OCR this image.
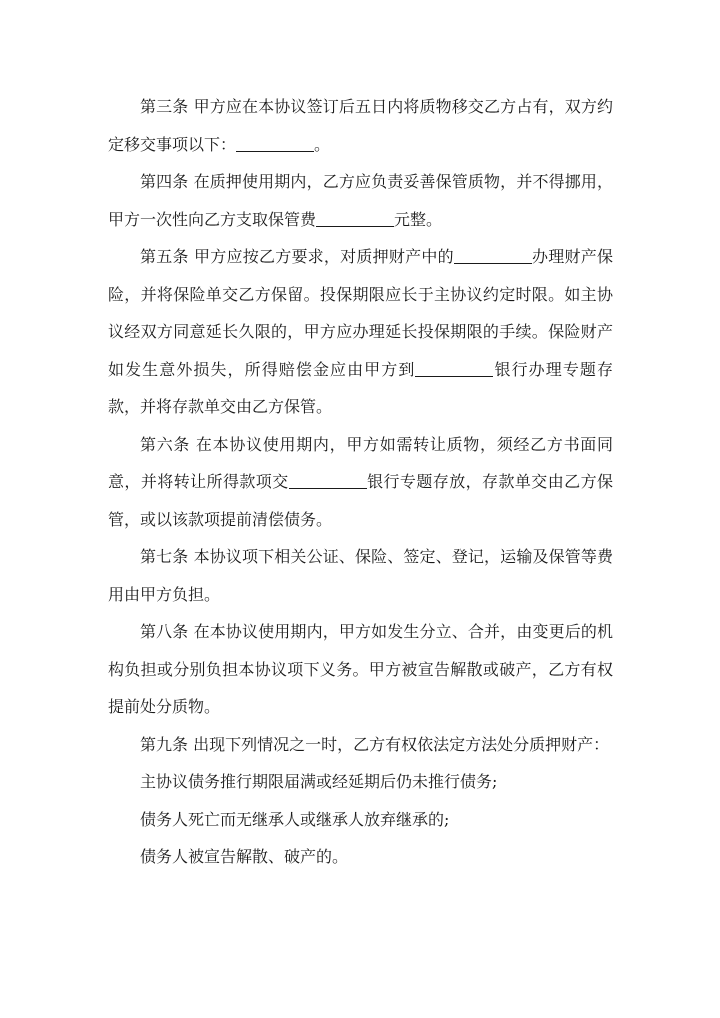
第三条 甲方应在本协议签订后五日内将质物移交乙方占有，双方约定移交事项以下：	。

第四条 在质押使用期内，乙方应负责妥善保管质物，并不得挪用，甲方一次性向乙方支取保管费	元整。

第五条 甲方应按乙方要求，对质押财产中的	办理财产保险，并将保险单交乙方保留。投保期限应长于主协议约定时限。如主协议经双方同意延长久限的，甲方应办理延长投保期限的手续。保险财产如发生意外损失，所得赔偿金应由甲方到	银行办理专题存款，并将存款单交由乙方保管。

第六条 在本协议使用期内，甲方如需转让质物，须经乙方书面同意，并将转让所得款项交	银行专题存放，存款单交由乙方保管，或以该款项提前清偿债务。

第七条 本协议项下相关公证、保险、签定、登记，运输及保管等费用由甲方负担。

第八条 在本协议使用期内，甲方如发生分立、合并，由变更后的机构负担或分别负担本协议项下义务。甲方被宣告解散或破产，乙方有权提前处分质物。

第九条 出现下列情况之一时，乙方有权依法定方法处分质押财产：

主协议债务推行期限届满或经延期后仍未推行债务;

债务人死亡而无继承人或继承人放弃继承的;

债务人被宣告解散、破产的。
